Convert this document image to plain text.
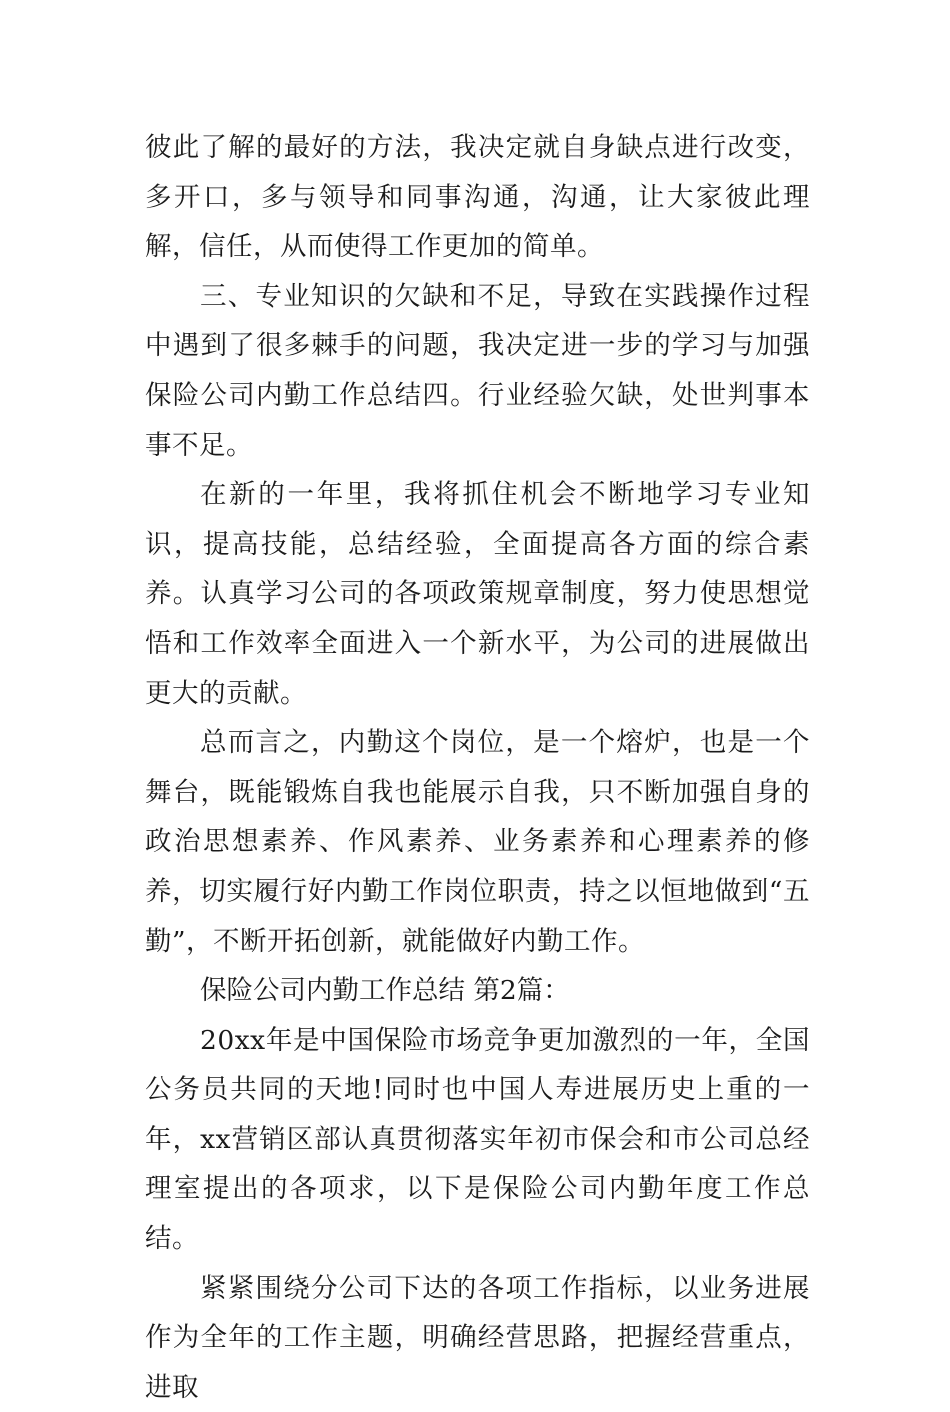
彼此了解的最好的方法，我决定就自身缺点进行改变，多开口，多与领导和同事沟通，沟通，让大家彼此理解，信任，从而使得工作更加的简单。

三、专业知识的欠缺和不足，导致在实践操作过程中遇到了很多棘手的问题，我决定进一步的学习与加强保险公司内勤工作总结四。行业经验欠缺，处世判事本事不足。

在新的一年里，我将抓住机会不断地学习专业知识，提高技能，总结经验，全面提高各方面的综合素养。认真学习公司的各项政策规章制度，努力使思想觉悟和工作效率全面进入一个新水平，为公司的进展做出更大的贡献。

总而言之，内勤这个岗位，是一个熔炉，也是一个舞台，既能锻炼自我也能展示自我，只不断加强自身的政治思想素养、作风素养、业务素养和心理素养的修养，切实履行好内勤工作岗位职责，持之以恒地做到“五勤”，不断开拓创新，就能做好内勤工作。

保险公司内勤工作总结 第2篇：

20xx年是中国保险市场竞争更加激烈的一年，全国公务员共同的天地!同时也中国人寿进展历史上重的一年，xx营销区部认真贯彻落实年初市保会和市公司总经理室提出的各项求，以下是保险公司内勤年度工作总结。

紧紧围绕分公司下达的各项工作指标，以业务进展作为全年的工作主题，明确经营思路，把握经营重点，进取
